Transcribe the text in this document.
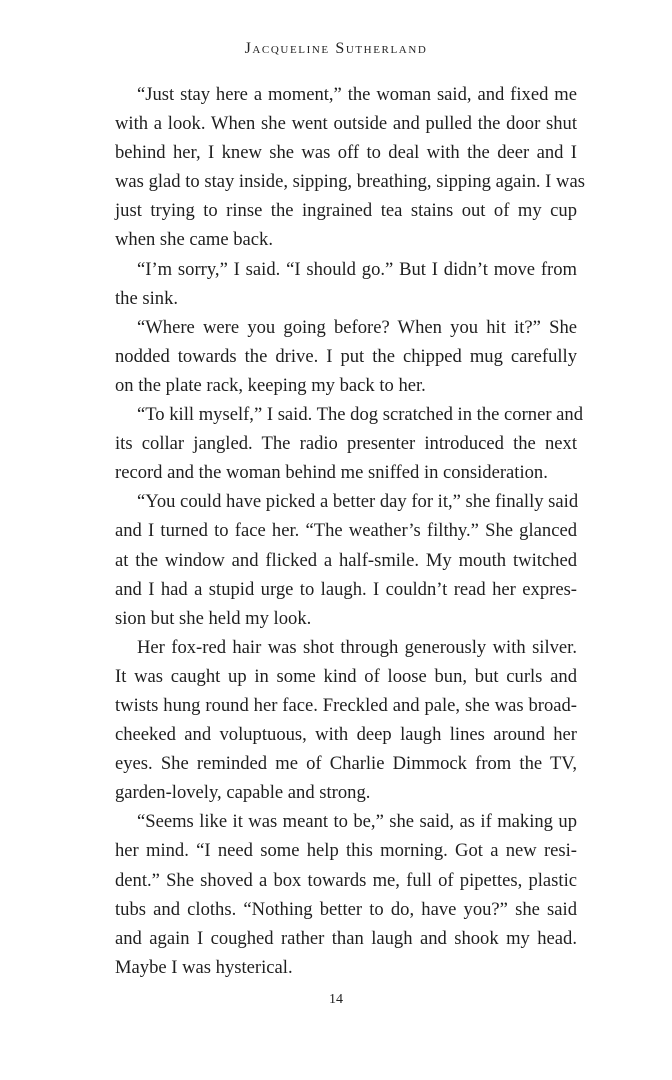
Jacqueline Sutherland

“Just stay here a moment,” the woman said, and fixed me
with a look. When she went outside and pulled the door shut
behind her, I knew she was off to deal with the deer and I
was glad to stay inside, sipping, breathing, sipping again. I was
just trying to rinse the ingrained tea stains out of my cup
when she came back.

“I’m sorry,” I said. “I should go.” But I didn’t move from
the sink.

“Where were you going before? When you hit it?” She
nodded towards the drive. I put the chipped mug carefully
on the plate rack, keeping my back to her.

“To kill myself,” I said. The dog scratched in the corner and
its collar jangled. The radio presenter introduced the next
record and the woman behind me sniffed in consideration.

“You could have picked a better day for it,” she finally said
and I turned to face her. “The weather’s filthy.” She glanced
at the window and flicked a half-smile. My mouth twitched
and I had a stupid urge to laugh. I couldn’t read her expres-
sion but she held my look.

Her fox-red hair was shot through generously with silver.
It was caught up in some kind of loose bun, but curls and
twists hung round her face. Freckled and pale, she was broad-
cheeked and voluptuous, with deep laugh lines around her
eyes. She reminded me of Charlie Dimmock from the TV,
garden-lovely, capable and strong.

“Seems like it was meant to be,” she said, as if making up
her mind. “I need some help this morning. Got a new resi-
dent.” She shoved a box towards me, full of pipettes, plastic
tubs and cloths. “Nothing better to do, have you?” she said
and again I coughed rather than laugh and shook my head.
Maybe I was hysterical.

14
